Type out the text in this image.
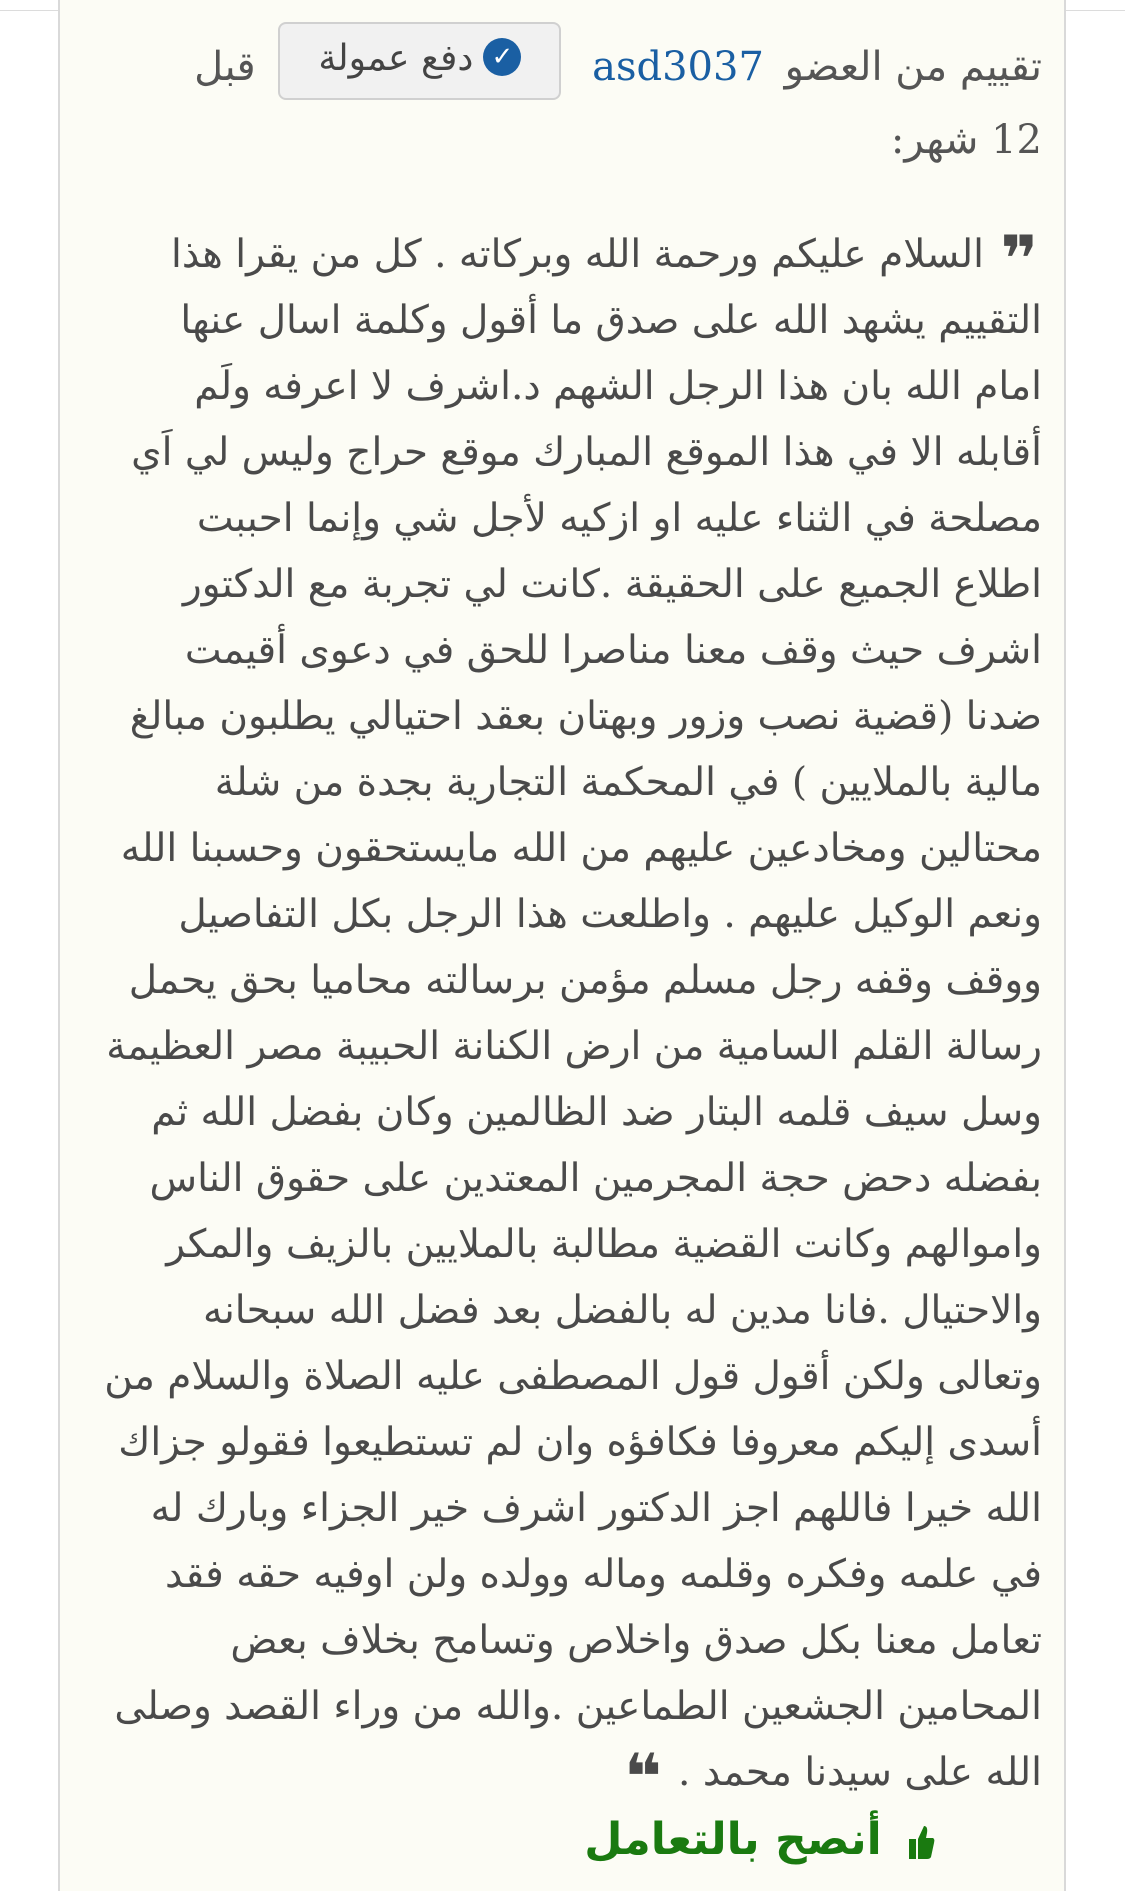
تقييم من العضو asd3037 ✓دفع عمولة قبل 12 شهر:
❞ السلام عليكم ورحمة الله وبركاته . كل من يقرا هذا التقييم يشهد الله على صدق ما أقول وكلمة اسال عنها امام الله بان هذا الرجل الشهم د.اشرف لا اعرفه ولَم أقابله الا في هذا الموقع المبارك موقع حراج وليس لي اَي مصلحة في الثناء عليه او ازكيه لأجل شي وإنما احببت اطلاع الجميع على الحقيقة .كانت لي تجربة مع الدكتور اشرف حيث وقف معنا مناصرا للحق في دعوى أقيمت ضدنا (قضية نصب وزور وبهتان بعقد احتيالي يطلبون مبالغ مالية بالملايين ) في المحكمة التجارية بجدة من شلة محتالين ومخادعين عليهم من الله مايستحقون وحسبنا الله ونعم الوكيل عليهم . واطلعت هذا الرجل بكل التفاصيل ووقف وقفه رجل مسلم مؤمن برسالته محاميا بحق يحمل رسالة القلم السامية من ارض الكنانة الحبيبة مصر العظيمة وسل سيف قلمه البتار ضد الظالمين وكان بفضل الله ثم بفضله دحض حجة المجرمين المعتدين على حقوق الناس واموالهم وكانت القضية مطالبة بالملايين بالزيف والمكر والاحتيال .فانا مدين له بالفضل بعد فضل الله سبحانه وتعالى ولكن أقول قول المصطفى عليه الصلاة والسلام من أسدى إليكم معروفا فكافؤه وان لم تستطيعوا فقولو جزاك الله خيرا فاللهم اجز الدكتور اشرف خير الجزاء وبارك له في علمه وفكره وقلمه وماله وولده ولن اوفيه حقه فقد تعامل معنا بكل صدق واخلاص وتسامح بخلاف بعض المحامين الجشعين الطماعين .والله من وراء القصد وصلى الله على سيدنا محمد . ❝
أنصح بالتعامل
